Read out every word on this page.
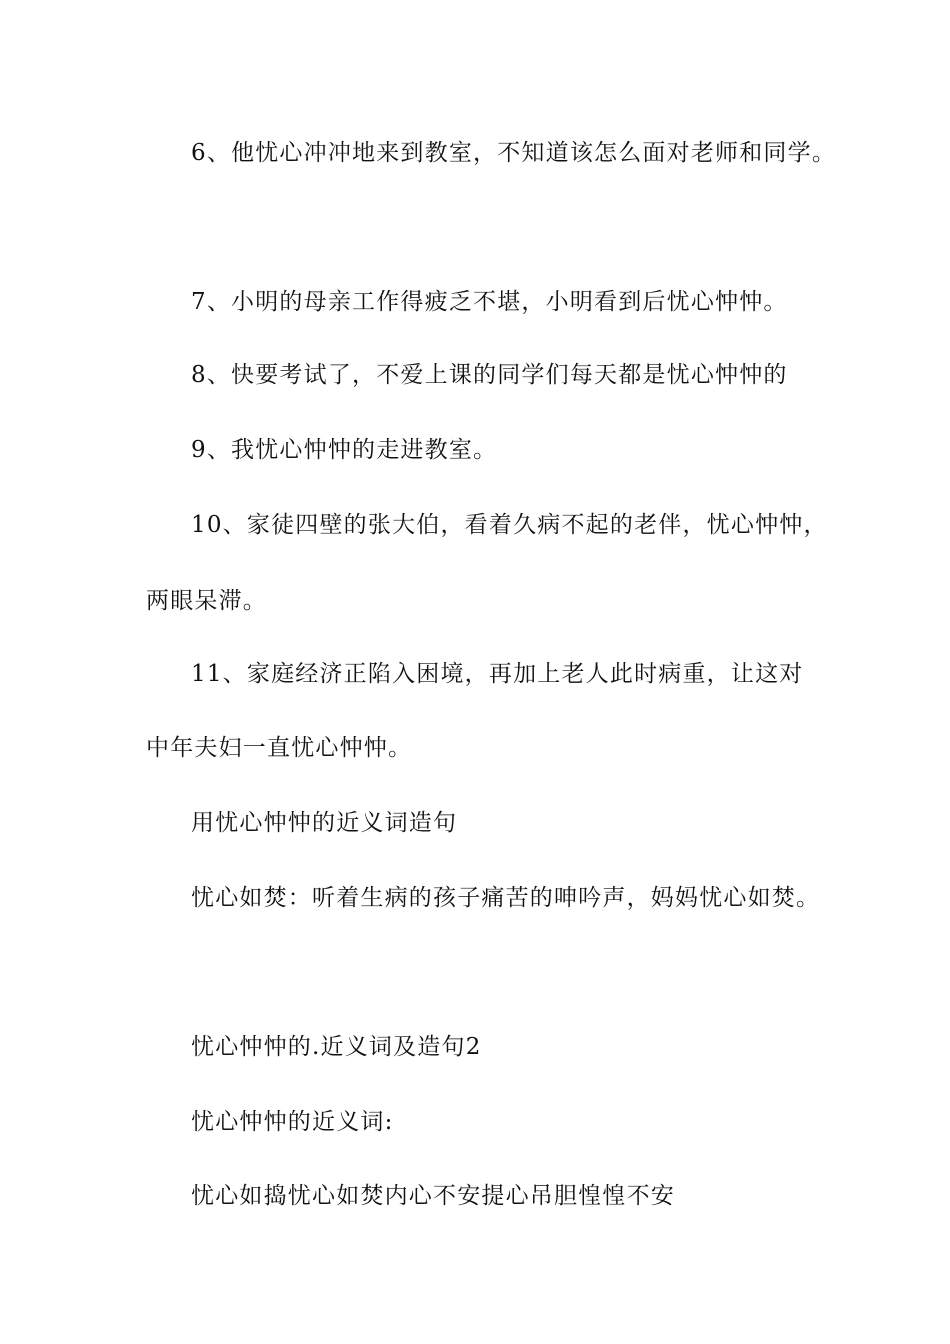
6、他忧心冲冲地来到教室，不知道该怎么面对老师和同学。
7、小明的母亲工作得疲乏不堪，小明看到后忧心忡忡。
8、快要考试了，不爱上课的同学们每天都是忧心忡忡的
9、我忧心忡忡的走进教室。
10、家徒四壁的张大伯，看着久病不起的老伴，忧心忡忡，
两眼呆滞。
11、家庭经济正陷入困境，再加上老人此时病重，让这对
中年夫妇一直忧心忡忡。
用忧心忡忡的近义词造句
忧心如焚：听着生病的孩子痛苦的呻吟声，妈妈忧心如焚。
忧心忡忡的.近义词及造句2
忧心忡忡的近义词:
忧心如捣忧心如焚内心不安提心吊胆惶惶不安
